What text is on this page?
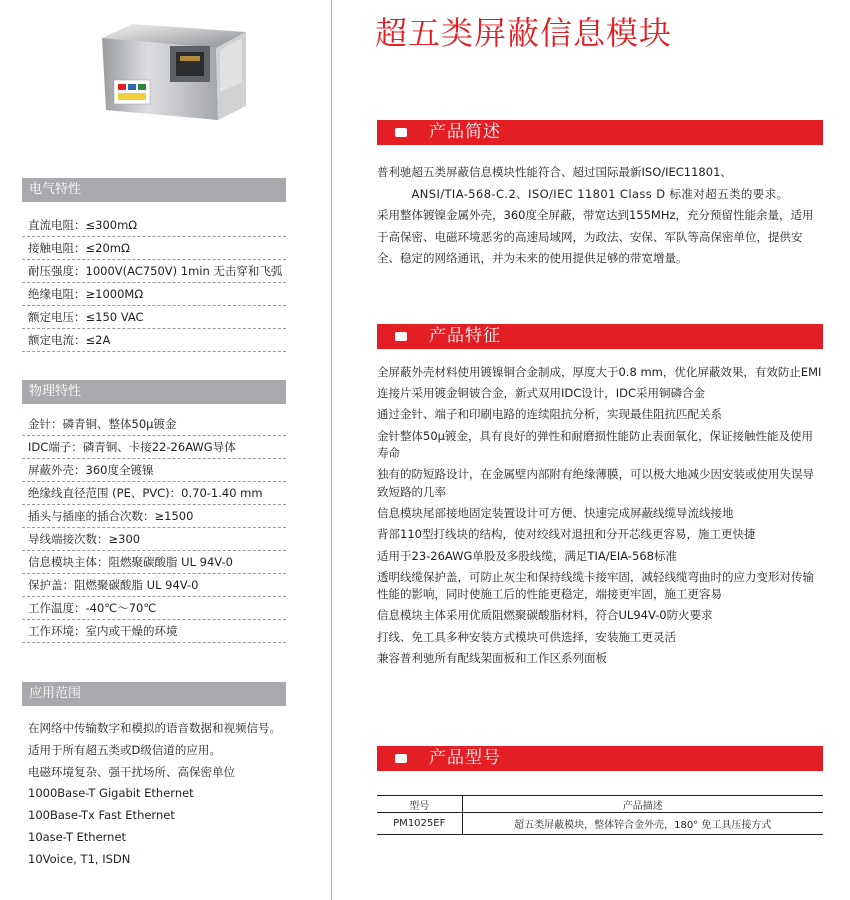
电气特性
直流电阻：≤300mΩ
接触电阻：≤20mΩ
耐压强度：1000V(AC750V) 1min 无击穿和飞弧
绝缘电阻：≥1000MΩ
额定电压：≤150 VAC
额定电流：≤2A
物理特性
金针：磷青铜、整体50μ镀金
IDC端子：磷青铜、卡接22-26AWG导体
屏蔽外壳：360度全镀镍
绝缘线直径范围 (PE、PVC)：0.70-1.40 mm
插头与插座的插合次数：≥1500
导线端接次数：≥300
信息模块主体：阻燃聚碳酸脂 UL 94V-0
保护盖：阻燃聚碳酸脂 UL 94V-0
工作温度：-40℃～70℃
工作环境：室内或干燥的环境
应用范围

在网络中传输数字和模拟的语音数据和视频信号。

适用于所有超五类或D级信道的应用。

电磁环境复杂、强干扰场所、高保密单位

1000Base-T Gigabit Ethernet

100Base-Tx Fast Ethernet

10ase-T Ethernet

10Voice, T1, ISDN

超五类屏蔽信息模块
产品简述

普利驰超五类屏蔽信息模块性能符合、超过国际最新ISO/IEC11801、

ANSI/TIA-568-C.2、ISO/IEC 11801 Class D 标准对超五类的要求。

采用整体镀镍金属外壳，360度全屏蔽，带宽达到155MHz，充分预留性能余量，适用于高保密、电磁环境恶劣的高速局域网，为政法、安保、军队等高保密单位，提供安全、稳定的网络通讯，并为未来的使用提供足够的带宽增量。

产品特征

全屏蔽外壳材料使用镀镍铜合金制成，厚度大于0.8 mm，优化屏蔽效果，有效防止EMI

连接片采用镀金铜铍合金，新式双用IDC设计，IDC采用铜磷合金

通过金针、端子和印刷电路的连续阻抗分析，实现最佳阻抗匹配关系

金针整体50μ镀金，具有良好的弹性和耐磨损性能防止表面氧化，保证接触性能及使用寿命

独有的防短路设计，在金属壁内部附有绝缘薄膜，可以极大地减少因安装或使用失误导致短路的几率

信息模块尾部接地固定装置设计可方便、快速完成屏蔽线缆导流线接地

背部110型打线块的结构，使对绞线对退扭和分开芯线更容易，施工更快捷

适用于23-26AWG单股及多股线缆，满足TIA/EIA-568标准

透明线缆保护盖，可防止灰尘和保持线缆卡接牢固，减轻线缆弯曲时的应力变形对传输性能的影响，同时使施工后的性能更稳定，端接更牢固，施工更容易

信息模块主体采用优质阻燃聚碳酸脂材料，符合UL94V-0防火要求

打线、免工具多种安装方式模块可供选择，安装施工更灵活

兼容普利驰所有配线架面板和工作区系列面板

产品型号
型号	产品描述
PM1025EF	超五类屏蔽模块，整体锌合金外壳，180° 免工具压接方式
